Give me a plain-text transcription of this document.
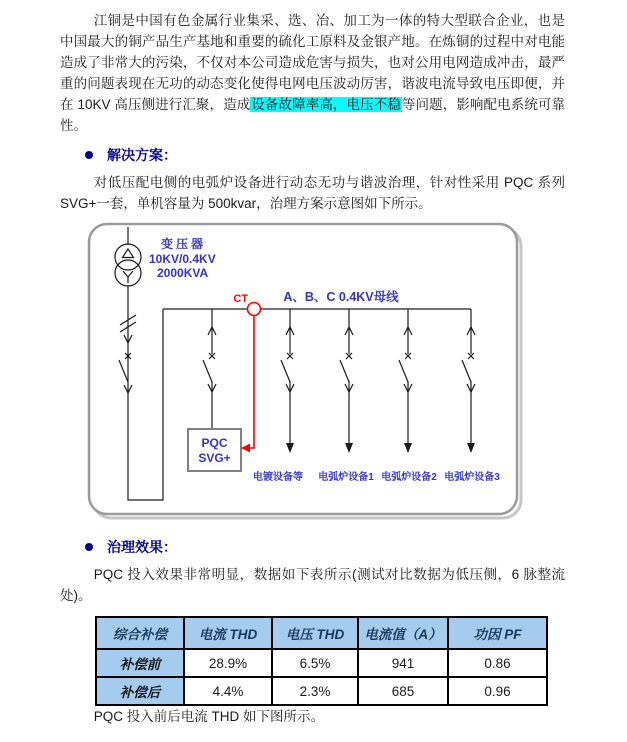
江铜是中国有色金属行业集采、选、冶、加工为一体的特大型联合企业，也是中国最大的铜产品生产基地和重要的硫化工原料及金银产地。在炼铜的过程中对电能造成了非常大的污染，不仅对本公司造成危害与损失，也对公用电网造成冲击，最严重的问题表现在无功的动态变化使得电网电压波动厉害，谐波电流导致电压即便，并在 10KV 高压侧进行汇聚，造成设备故障率高，电压不稳等问题，影响配电系统可靠性。

解决方案：

对低压配电侧的电弧炉设备进行动态无功与谐波治理，针对性采用 PQC 系列 SVG+一套，单机容量为 500kvar，治理方案示意图如下所示。

变压器
10KV/0.4KV
2000KVA
A、B、C 0.4KV母线
PQC
SVG+
CT
电镀设备等 电弧炉设备1 电弧炉设备2 电弧炉设备3
治理效果：

PQC 投入效果非常明显，数据如下表所示(测试对比数据为低压侧，6 脉整流处)。

综合补偿	电流 THD	电压 THD	电流值（A）	功因 PF
补偿前	28.9%	6.5%	941	0.86
补偿后	4.4%	2.3%	685	0.96

PQC 投入前后电流 THD 如下图所示。
